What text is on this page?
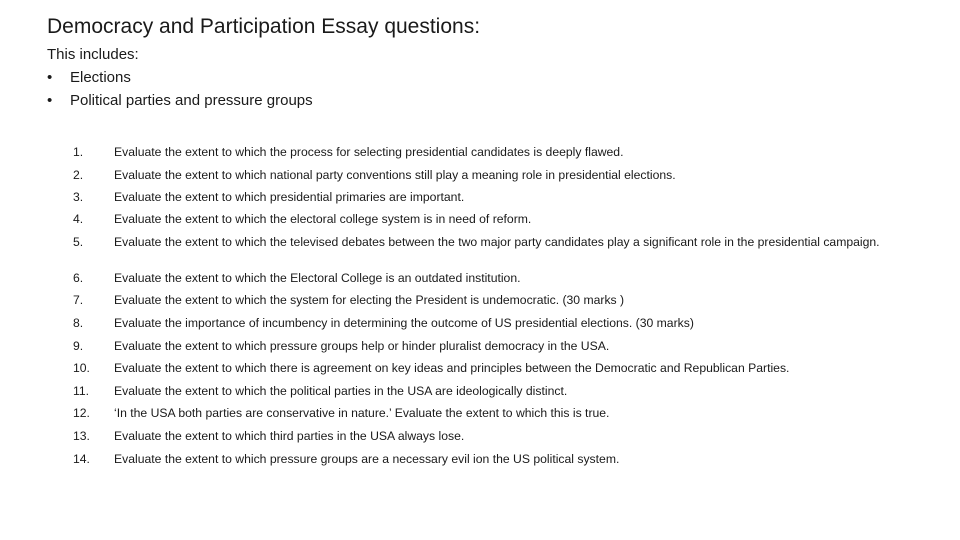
Democracy and Participation Essay questions:
This includes:
• Elections
• Political parties and pressure groups
1.	Evaluate the extent to which the process for selecting presidential candidates is deeply flawed.
2.	Evaluate the extent to which national party conventions still play a meaning role in presidential elections.
3.	Evaluate the extent to which presidential primaries are important.
4.	Evaluate the extent to which the electoral college system is in need of reform.
5.	Evaluate the extent to which the televised debates between the two major party candidates play a significant role in the presidential campaign.
6.	Evaluate the extent to which the Electoral College is an outdated institution.
7.	Evaluate the extent to which the system for electing the President is undemocratic. (30 marks )
8.	Evaluate the importance of incumbency in determining the outcome of US presidential elections. (30 marks)
9.	Evaluate the extent to which pressure groups help or hinder pluralist democracy in the USA.
10.	Evaluate the extent to which there is agreement on key ideas and principles between the Democratic and Republican Parties.
11.	Evaluate the extent to which the political parties in the USA are ideologically distinct.
12.	‘In the USA both parties are conservative in nature.’ Evaluate the extent to which this is true.
13.	Evaluate the extent to which third parties in the USA always lose.
14.	Evaluate the extent to which pressure groups are a necessary evil ion the US political system.
